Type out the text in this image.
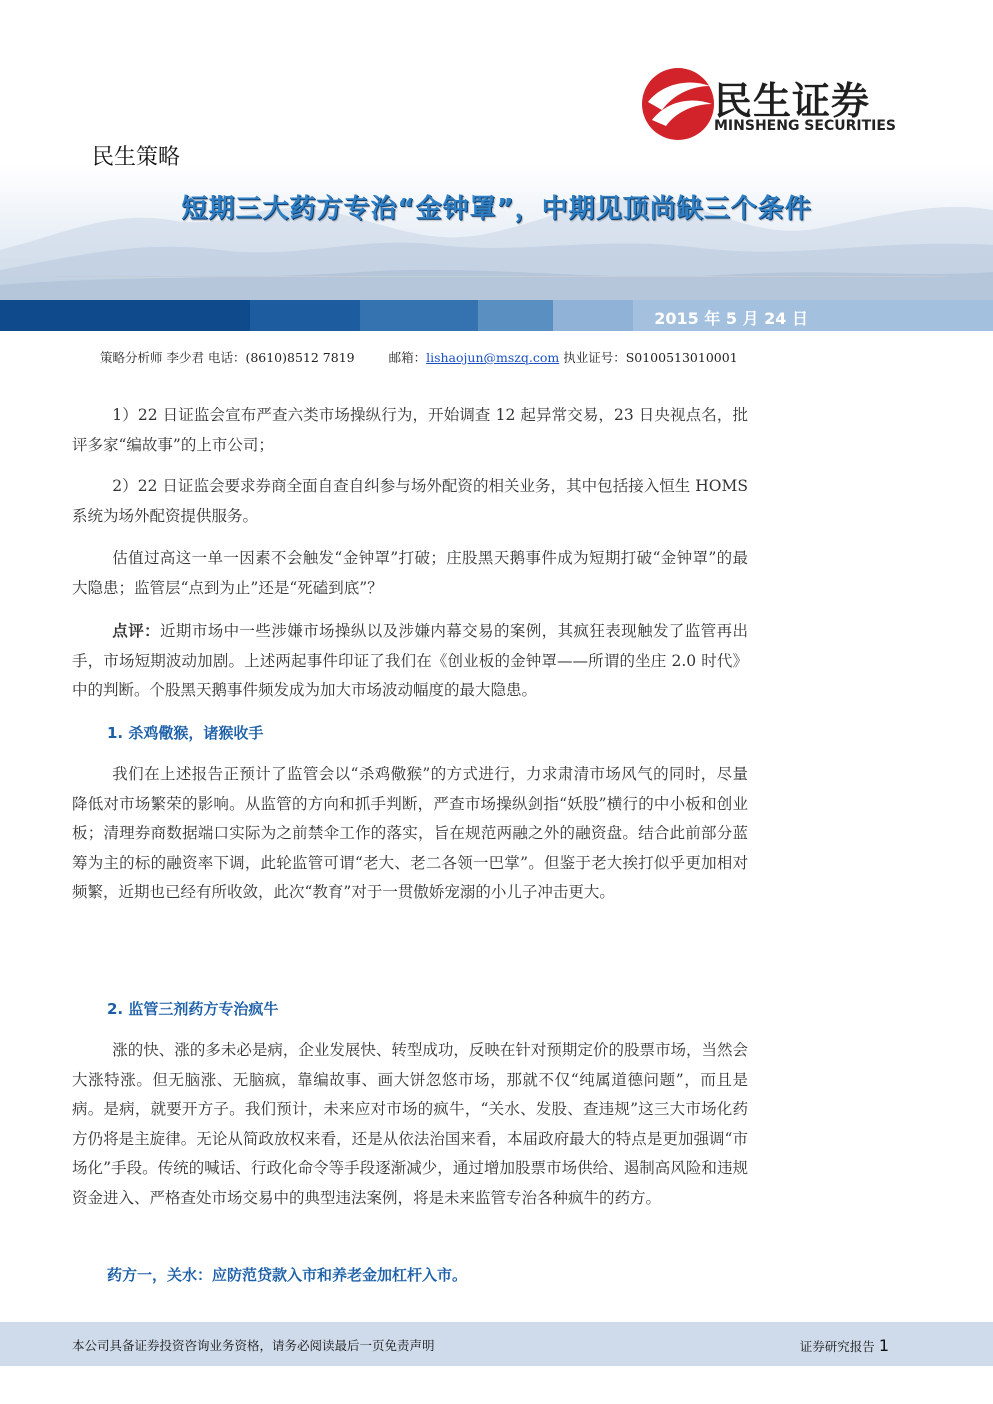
民生证券
MINSHENG SECURITIES
民生策略
短期三大药方专治“金钟罩”，中期见顶尚缺三个条件
2015 年 5 月 24 日
策略分析师 李少君 电话：(8610)8512 7819	邮箱：lishaojun@mszq.com 执业证号：S0100513010001
1）22 日证监会宣布严查六类市场操纵行为，开始调查 12 起异常交易，23 日央视点名，批评多家“编故事”的上市公司；
2）22 日证监会要求券商全面自查自纠参与场外配资的相关业务，其中包括接入恒生 HOMS 系统为场外配资提供服务。
估值过高这一单一因素不会触发“金钟罩”打破；庄股黑天鹅事件成为短期打破“金钟罩”的最大隐患；监管层“点到为止”还是“死磕到底”？
点评：近期市场中一些涉嫌市场操纵以及涉嫌内幕交易的案例，其疯狂表现触发了监管再出手，市场短期波动加剧。上述两起事件印证了我们在《创业板的金钟罩——所谓的坐庄 2.0 时代》中的判断。个股黑天鹅事件频发成为加大市场波动幅度的最大隐患。
1. 杀鸡儆猴，诸猴收手
我们在上述报告正预计了监管会以“杀鸡儆猴”的方式进行，力求肃清市场风气的同时，尽量降低对市场繁荣的影响。从监管的方向和抓手判断，严查市场操纵剑指“妖股”横行的中小板和创业板；清理券商数据端口实际为之前禁伞工作的落实，旨在规范两融之外的融资盘。结合此前部分蓝筹为主的标的融资率下调，此轮监管可谓“老大、老二各领一巴掌”。但鉴于老大挨打似乎更加相对频繁，近期也已经有所收敛，此次“教育”对于一贯傲娇宠溺的小儿子冲击更大。
2. 监管三剂药方专治疯牛
涨的快、涨的多未必是病，企业发展快、转型成功，反映在针对预期定价的股票市场，当然会大涨特涨。但无脑涨、无脑疯，靠编故事、画大饼忽悠市场，那就不仅“纯属道德问题”，而且是病。是病，就要开方子。我们预计，未来应对市场的疯牛，“关水、发股、查违规”这三大市场化药方仍将是主旋律。无论从简政放权来看，还是从依法治国来看，本届政府最大的特点是更加强调“市场化”手段。传统的喊话、行政化命令等手段逐渐减少，通过增加股票市场供给、遏制高风险和违规资金进入、严格查处市场交易中的典型违法案例，将是未来监管专治各种疯牛的药方。
药方一，关水：应防范贷款入市和养老金加杠杆入市。
本公司具备证券投资咨询业务资格，请务必阅读最后一页免责声明	证券研究报告 1
